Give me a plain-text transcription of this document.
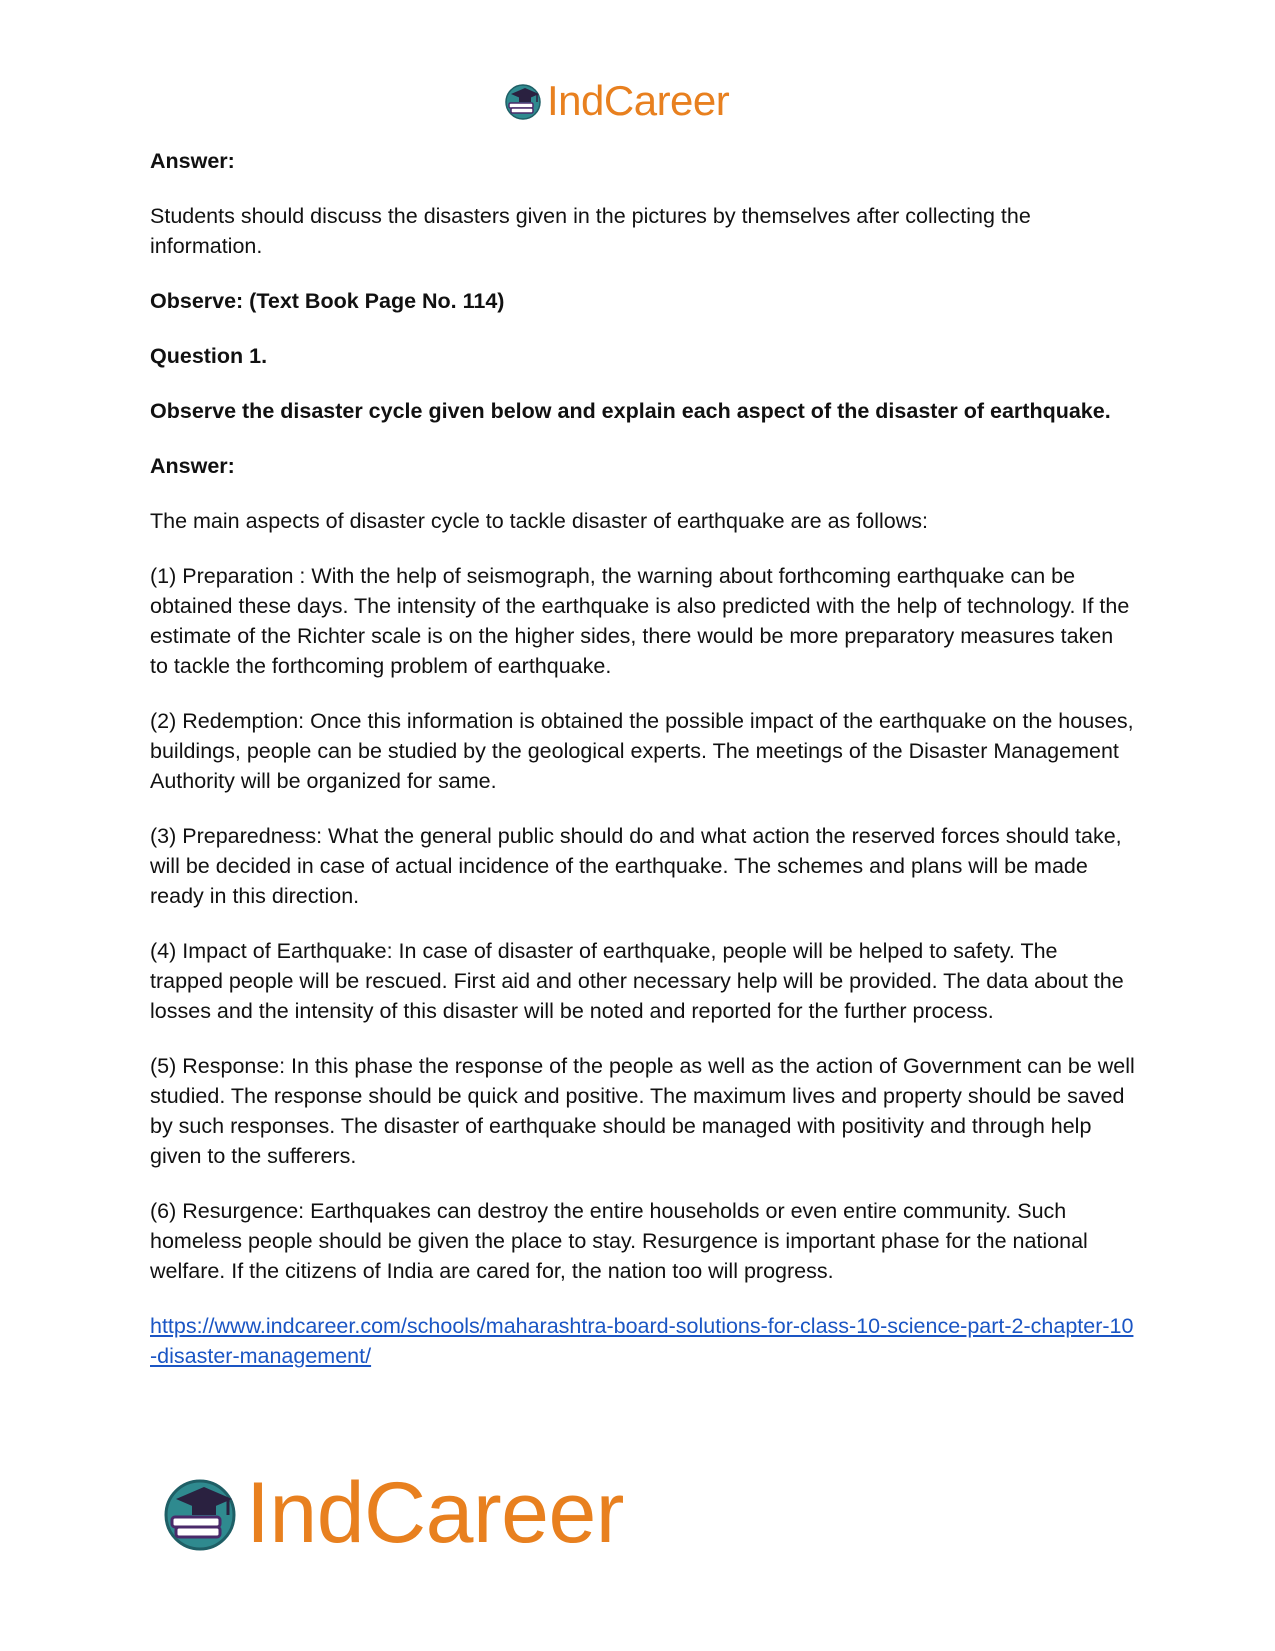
IndCareer

Answer:

Students should discuss the disasters given in the pictures by themselves after collecting the information.

Observe: (Text Book Page No. 114)

Question 1.

Observe the disaster cycle given below and explain each aspect of the disaster of earthquake.

Answer:

The main aspects of disaster cycle to tackle disaster of earthquake are as follows:

(1) Preparation : With the help of seismograph, the warning about forthcoming earthquake can be obtained these days. The intensity of the earthquake is also predicted with the help of technology. If the estimate of the Richter scale is on the higher sides, there would be more preparatory measures taken to tackle the forthcoming problem of earthquake.

(2) Redemption: Once this information is obtained the possible impact of the earthquake on the houses, buildings, people can be studied by the geological experts. The meetings of the Disaster Management Authority will be organized for same.

(3) Preparedness: What the general public should do and what action the reserved forces should take, will be decided in case of actual incidence of the earthquake. The schemes and plans will be made ready in this direction.

(4) Impact of Earthquake: In case of disaster of earthquake, people will be helped to safety. The trapped people will be rescued. First aid and other necessary help will be provided. The data about the losses and the intensity of this disaster will be noted and reported for the further process.

(5) Response: In this phase the response of the people as well as the action of Government can be well studied. The response should be quick and positive. The maximum lives and property should be saved by such responses. The disaster of earthquake should be managed with positivity and through help given to the sufferers.

(6) Resurgence: Earthquakes can destroy the entire households or even entire community. Such homeless people should be given the place to stay. Resurgence is important phase for the national welfare. If the citizens of India are cared for, the nation too will progress.

https://www.indcareer.com/schools/maharashtra-board-solutions-for-class-10-science-part-2-chapter-10-disaster-management/

IndCareer
